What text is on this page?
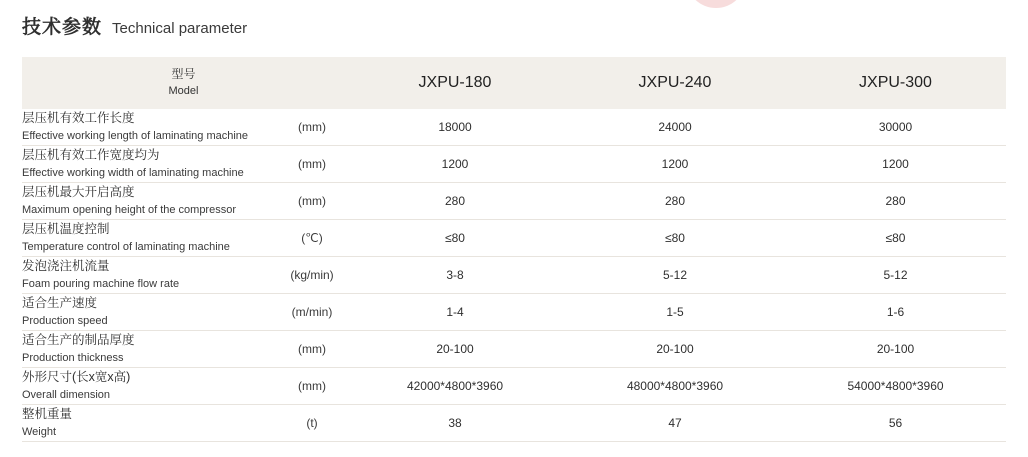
技术参数 Technical parameter
型号
Model		JXPU-180	JXPU-240	JXPU-300

层压机有效工作长度
Effective working length of laminating machine	(mm)	18000	24000	30000

层压机有效工作宽度均为
Effective working width of laminating machine	(mm)	1200	1200	1200

层压机最大开启高度
Maximum opening height of the compressor	(mm)	280	280	280

层压机温度控制
Temperature control of laminating machine	(℃)	≤80	≤80	≤80

发泡浇注机流量
Foam pouring machine flow rate	(kg/min)	3-8	5-12	5-12

适合生产速度
Production speed	(m/min)	1-4	1-5	1-6

适合生产的制品厚度
Production thickness	(mm)	20-100	20-100	20-100

外形尺寸(长x宽x高)
Overall dimension	(mm)	42000*4800*3960	48000*4800*3960	54000*4800*3960

整机重量
Weight	(t)	38	47	56
